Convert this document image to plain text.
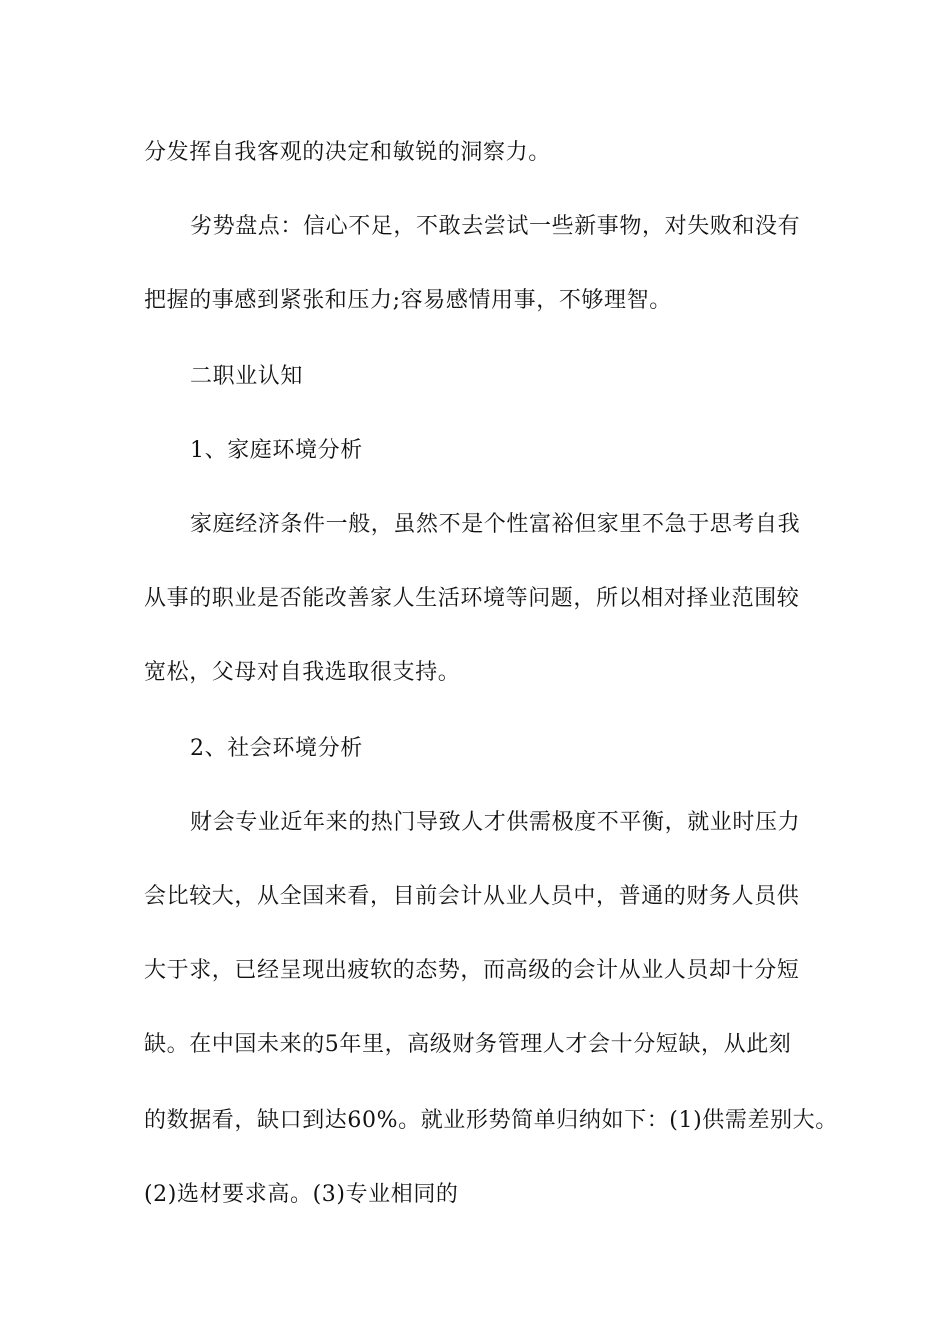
分发挥自我客观的决定和敏锐的洞察力。
劣势盘点：信心不足，不敢去尝试一些新事物，对失败和没有
把握的事感到紧张和压力;容易感情用事，不够理智。
二职业认知
1、家庭环境分析
家庭经济条件一般，虽然不是个性富裕但家里不急于思考自我
从事的职业是否能改善家人生活环境等问题，所以相对择业范围较
宽松，父母对自我选取很支持。
2、社会环境分析
财会专业近年来的热门导致人才供需极度不平衡，就业时压力
会比较大，从全国来看，目前会计从业人员中，普通的财务人员供
大于求，已经呈现出疲软的态势，而高级的会计从业人员却十分短
缺。在中国未来的5年里，高级财务管理人才会十分短缺，从此刻
的数据看，缺口到达60%。就业形势简单归纳如下：(1)供需差别大。
(2)选材要求高。(3)专业相同的
